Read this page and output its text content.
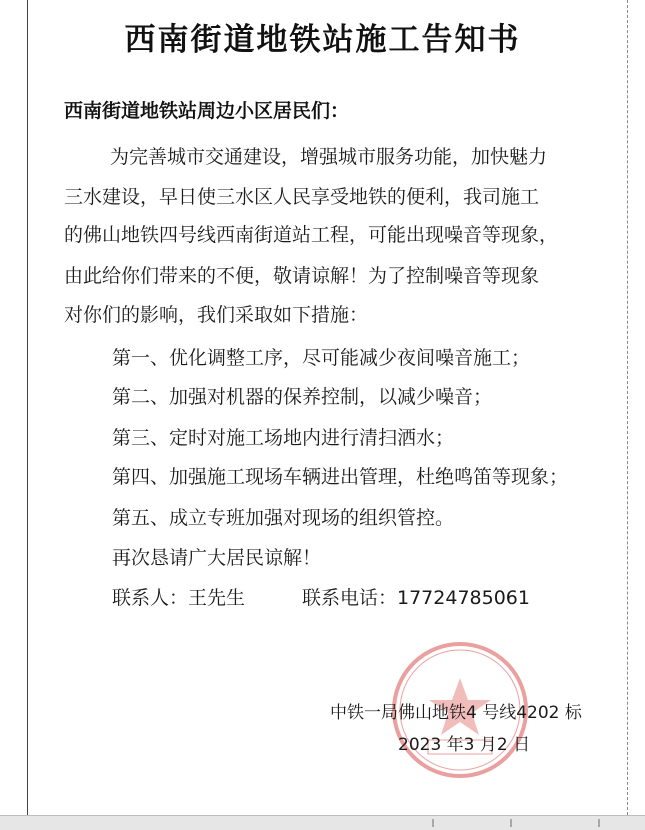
西南街道地铁站施工告知书
西南街道地铁站周边小区居民们：
为完善城市交通建设，增强城市服务功能，加快魅力
三水建设，早日使三水区人民享受地铁的便利，我司施工
的佛山地铁四号线西南街道站工程，可能出现噪音等现象，
由此给你们带来的不便，敬请谅解！为了控制噪音等现象
对你们的影响，我们采取如下措施：
第一、优化调整工序，尽可能减少夜间噪音施工；
第二、加强对机器的保养控制，以减少噪音；
第三、定时对施工场地内进行清扫洒水；
第四、加强施工现场车辆进出管理，杜绝鸣笛等现象；
第五、成立专班加强对现场的组织管控。
再次恳请广大居民谅解！
联系人：王先生	联系电话：17724785061
中铁一局佛山地铁4 号线4202 标
2023 年3 月2 日
